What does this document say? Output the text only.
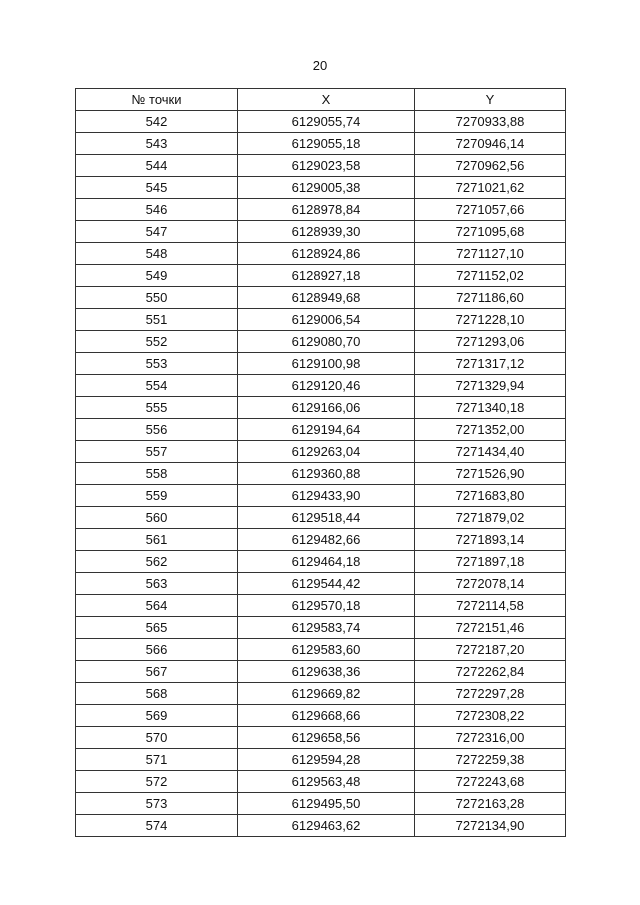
20
№ точки	X	Y
542	6129055,74	7270933,88
543	6129055,18	7270946,14
544	6129023,58	7270962,56
545	6129005,38	7271021,62
546	6128978,84	7271057,66
547	6128939,30	7271095,68
548	6128924,86	7271127,10
549	6128927,18	7271152,02
550	6128949,68	7271186,60
551	6129006,54	7271228,10
552	6129080,70	7271293,06
553	6129100,98	7271317,12
554	6129120,46	7271329,94
555	6129166,06	7271340,18
556	6129194,64	7271352,00
557	6129263,04	7271434,40
558	6129360,88	7271526,90
559	6129433,90	7271683,80
560	6129518,44	7271879,02
561	6129482,66	7271893,14
562	6129464,18	7271897,18
563	6129544,42	7272078,14
564	6129570,18	7272114,58
565	6129583,74	7272151,46
566	6129583,60	7272187,20
567	6129638,36	7272262,84
568	6129669,82	7272297,28
569	6129668,66	7272308,22
570	6129658,56	7272316,00
571	6129594,28	7272259,38
572	6129563,48	7272243,68
573	6129495,50	7272163,28
574	6129463,62	7272134,90
